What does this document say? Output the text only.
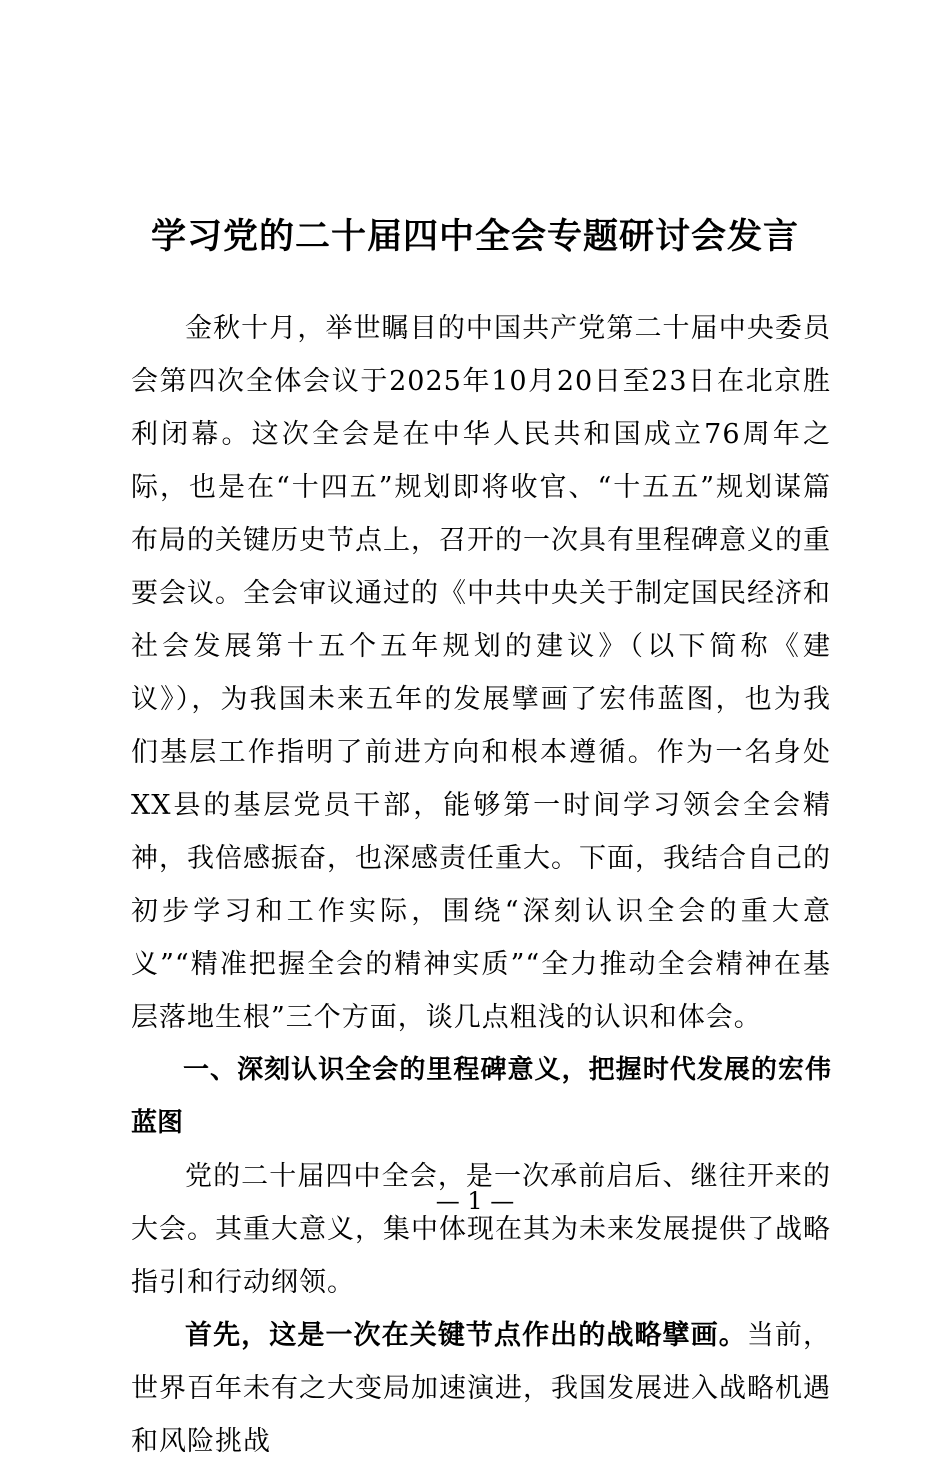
学习党的二十届四中全会专题研讨会发言

金秋十月，举世瞩目的中国共产党第二十届中央委员会第四次全体会议于2025年10月20日至23日在北京胜利闭幕。这次全会是在中华人民共和国成立76周年之际，也是在“十四五”规划即将收官、“十五五”规划谋篇布局的关键历史节点上，召开的一次具有里程碑意义的重要会议。全会审议通过的《中共中央关于制定国民经济和社会发展第十五个五年规划的建议》（以下简称《建议》），为我国未来五年的发展擘画了宏伟蓝图，也为我们基层工作指明了前进方向和根本遵循。作为一名身处XX县的基层党员干部，能够第一时间学习领会全会精神，我倍感振奋，也深感责任重大。下面，我结合自己的初步学习和工作实际，围绕“深刻认识全会的重大意义”“精准把握全会的精神实质”“全力推动全会精神在基层落地生根”三个方面，谈几点粗浅的认识和体会。

一、深刻认识全会的里程碑意义，把握时代发展的宏伟蓝图

党的二十届四中全会，是一次承前启后、继往开来的大会。其重大意义，集中体现在其为未来发展提供了战略指引和行动纲领。

首先，这是一次在关键节点作出的战略擘画。当前，世界百年未有之大变局加速演进，我国发展进入战略机遇和风险挑战

— 1 —
